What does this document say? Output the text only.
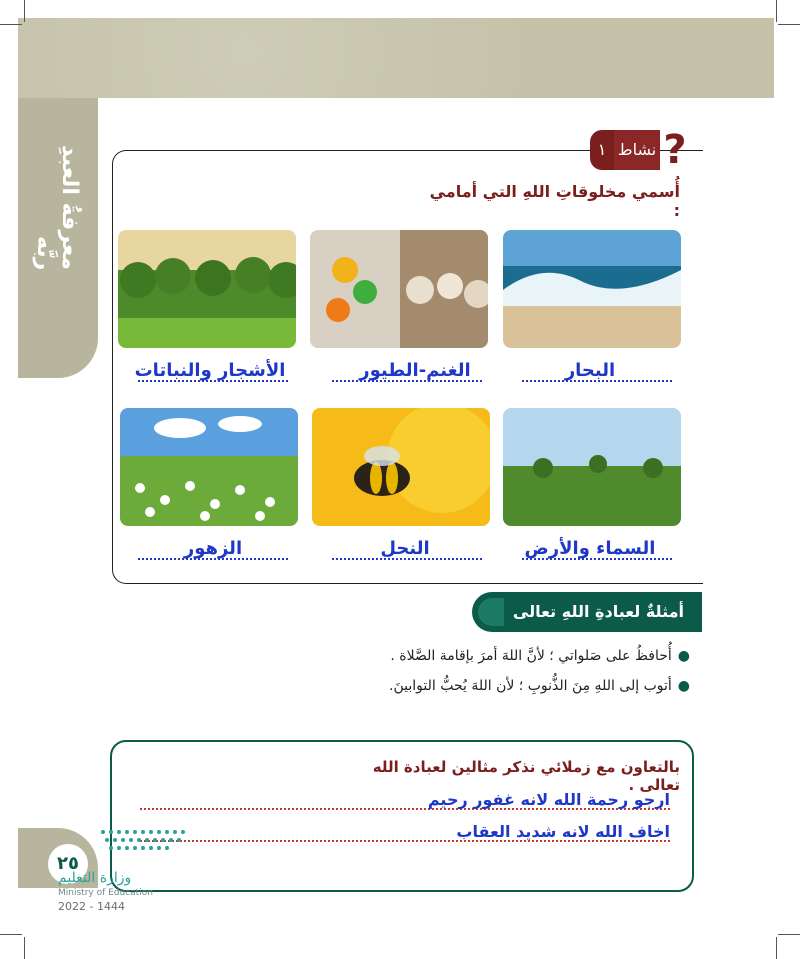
معرفةُ العبدِ ربَّه
١ نشاط ?
أُسمي مخلوقاتِ اللهِ التي أمامي :
البحار
الغنم-الطيور
الأشجار والنباتات
السماء والأرض
النحل
الزهور
أمثلةٌ لعبادةِ اللهِ تعالى
●أُحافظُ على صَلواتي ؛ لأنَّ اللهَ أمرَ بإقامة الصَّلاة .
●أتوب إلى اللهِ مِنَ الذُّنوبِ ؛ لأن اللهَ يُحبُّ التوابينَ.
بالتعاون مع زملائي نذكر مثالين لعبادة الله تعالى .
ارجو رحمة الله لانه غفور رحيم
اخاف الله لانه شديد العقاب
٢٥
وزارة التعليم
Ministry of Education
2022 - 1444
